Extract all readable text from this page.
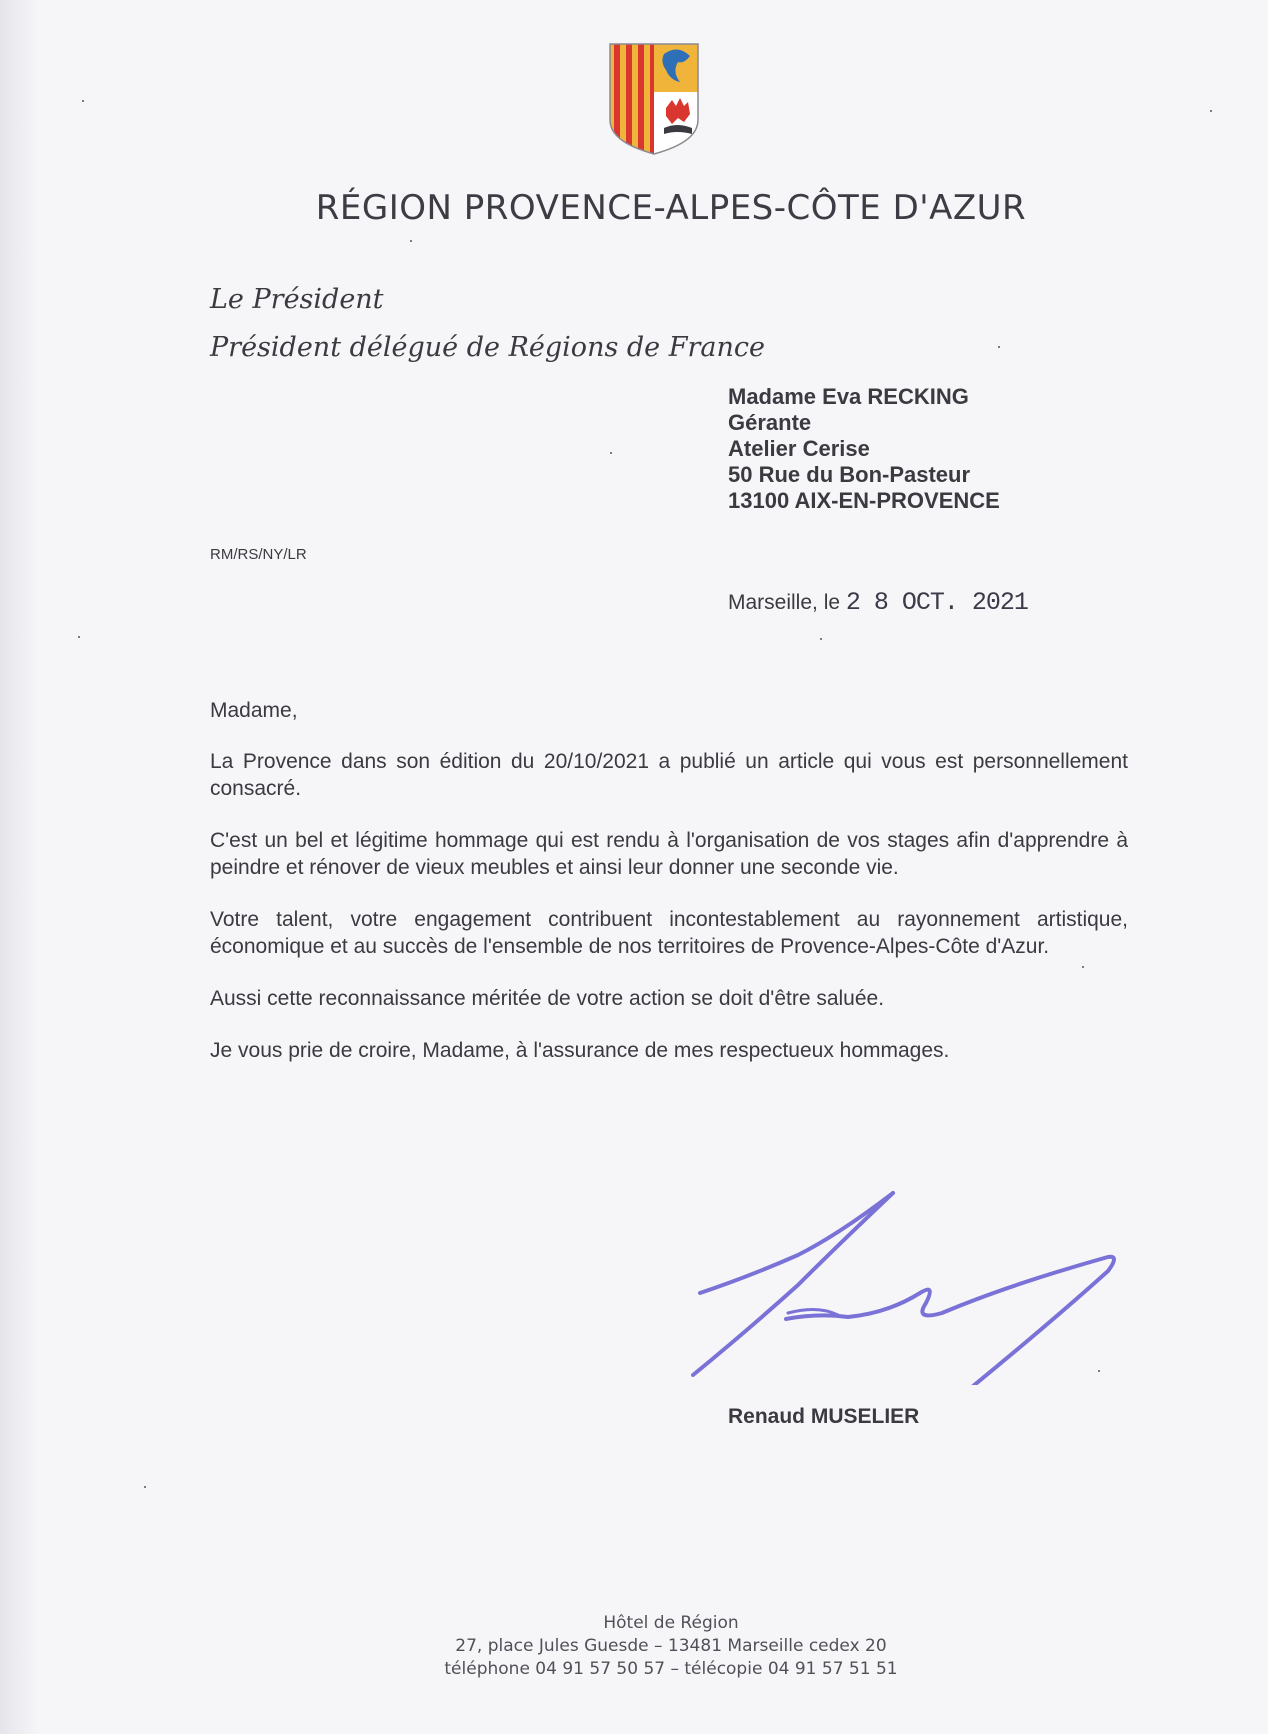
RÉGION PROVENCE-ALPES-CÔTE D'AZUR
Le Président
Président délégué de Régions de France
Madame Eva RECKING
Gérante
Atelier Cerise
50 Rue du Bon-Pasteur
13100 AIX-EN-PROVENCE
RM/RS/NY/LR
Marseille, le 2 8 OCT. 2021

Madame,

La Provence dans son édition du 20/10/2021 a publié un article qui vous est personnellement consacré.

C'est un bel et légitime hommage qui est rendu à l'organisation de vos stages afin d'apprendre à peindre et rénover de vieux meubles et ainsi leur donner une seconde vie.

Votre talent, votre engagement contribuent incontestablement au rayonnement artistique, économique et au succès de l'ensemble de nos territoires de Provence-Alpes-Côte d'Azur.

Aussi cette reconnaissance méritée de votre action se doit d'être saluée.

Je vous prie de croire, Madame, à l'assurance de mes respectueux hommages.

Renaud MUSELIER
Hôtel de Région
27, place Jules Guesde – 13481 Marseille cedex 20
téléphone 04 91 57 50 57 – télécopie 04 91 57 51 51
